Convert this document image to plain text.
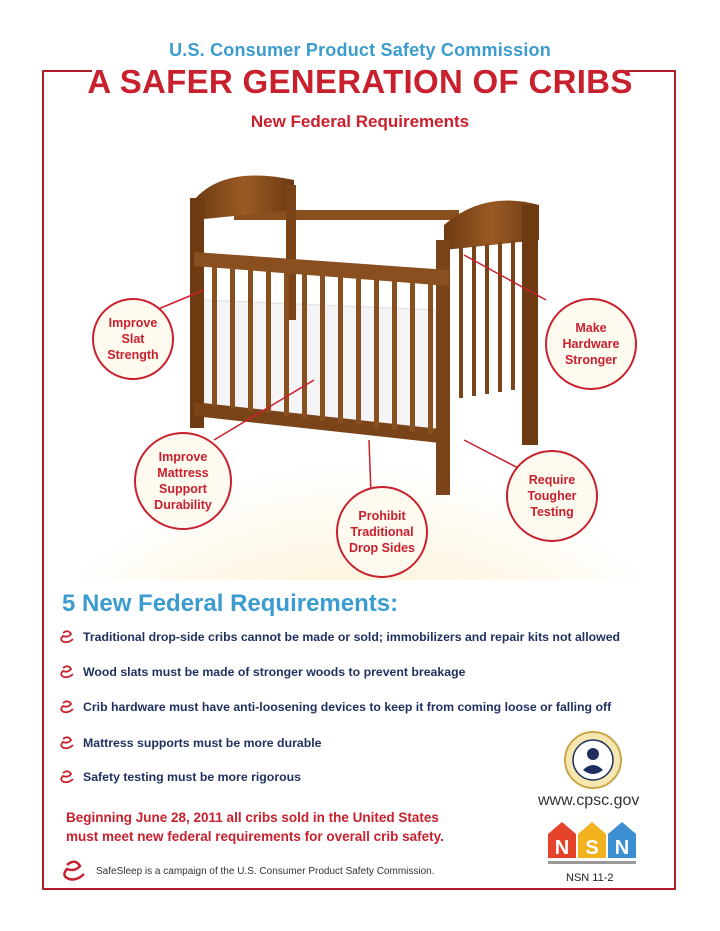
U.S. Consumer Product Safety Commission
A SAFER GENERATION OF CRIBS
New Federal Requirements
Improve Slat Strength
Make Hardware Stronger
Improve Mattress Support Durability
Prohibit Traditional Drop Sides
Require Tougher Testing
5 New Federal Requirements:
Traditional drop-side cribs cannot be made or sold; immobilizers and repair kits not allowed
Wood slats must be made of stronger woods to prevent breakage
Crib hardware must have anti-loosening devices to keep it from coming loose or falling off
Mattress supports must be more durable
Safety testing must be more rigorous
Beginning June 28, 2011 all cribs sold in the United States
must meet new federal requirements for overall crib safety.
SafeSleep is a campaign of the U.S. Consumer Product Safety Commission.
www.cpsc.gov
N S N
NSN 11-2
